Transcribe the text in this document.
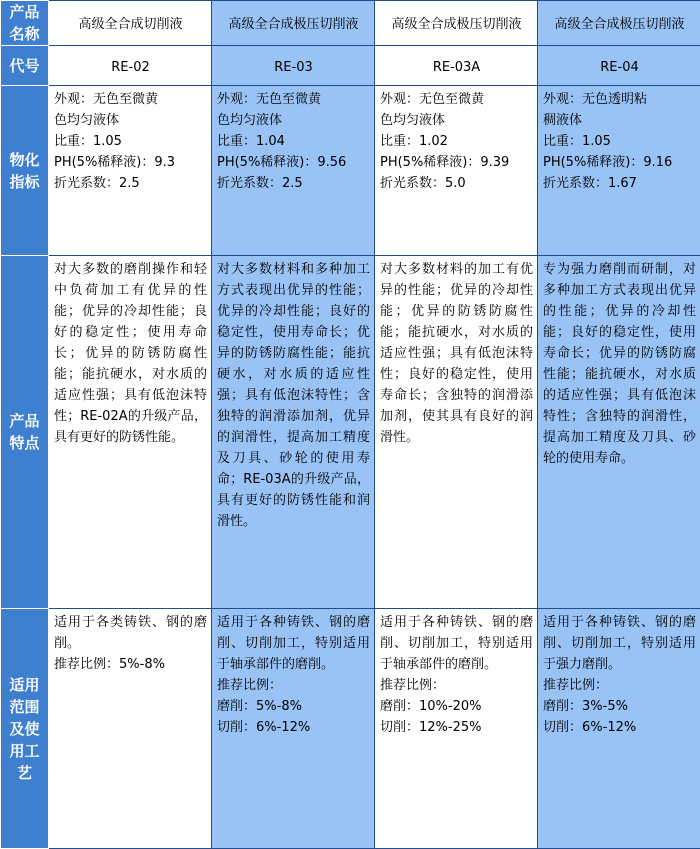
产品名称	高级全合成切削液	高级全合成极压切削液	高级全合成极压切削液	高级全合成极压切削液
代号	RE-02	RE-03	RE-03A	RE-04
物化指标	外观：无色至微黄
色均匀液体
比重：1.05
PH(5%稀释液)：9.3
折光系数：2.5	外观：无色至微黄
色均匀液体
比重：1.04
PH(5%稀释液)：9.56
折光系数：2.5	外观：无色至微黄
色均匀液体
比重：1.02
PH(5%稀释液)：9.39
折光系数：5.0	外观：无色透明粘
稠液体
比重：1.05
PH(5%稀释液)：9.16
折光系数：1.67

产品特点	对大多数的磨削操作和轻中负荷加工有优异的性能；优异的冷却性能；良好的稳定性；使用寿命长；优异的防锈防腐性能；能抗硬水，对水质的适应性强；具有低泡沫特性；RE-02A的升级产品，具有更好的防锈性能。	对大多数材料和多种加工方式表现出优异的性能；优异的冷却性能；良好的稳定性，使用寿命长；优异的防锈防腐性能；能抗硬水，对水质的适应性强；具有低泡沫特性；含独特的润滑添加剂，优异的润滑性，提高加工精度及刀具、砂轮的使用寿命；RE-03A的升级产品，具有更好的防锈性能和润滑性。	对大多数材料的加工有优异的性能；优异的冷却性能；优异的防锈防腐性能；能抗硬水，对水质的适应性强；具有低泡沫特性；良好的稳定性，使用寿命长；含独特的润滑添加剂，使其具有良好的润滑性。	专为强力磨削而研制，对多种加工方式表现出优异的性能；优异的冷却性能；良好的稳定性，使用寿命长；优异的防锈防腐性能；能抗硬水，对水质的适应性强；具有低泡沫特性；含独特的润滑性，提高加工精度及刀具、砂轮的使用寿命。

适用范围及使用工艺	适用于各类铸铁、钢的磨削。
推荐比例：5%-8%	适用于各种铸铁、钢的磨削、切削加工，特别适用于轴承部件的磨削。
推荐比例：
磨削：5%-8%
切削：6%-12%	适用于各种铸铁、钢的磨削、切削加工，特别适用于轴承部件的磨削。
推荐比例：
磨削：10%-20%
切削：12%-25%	适用于各种铸铁、钢的磨削、切削加工，特别适用于强力磨削。
推荐比例：
磨削：3%-5%
切削：6%-12%
